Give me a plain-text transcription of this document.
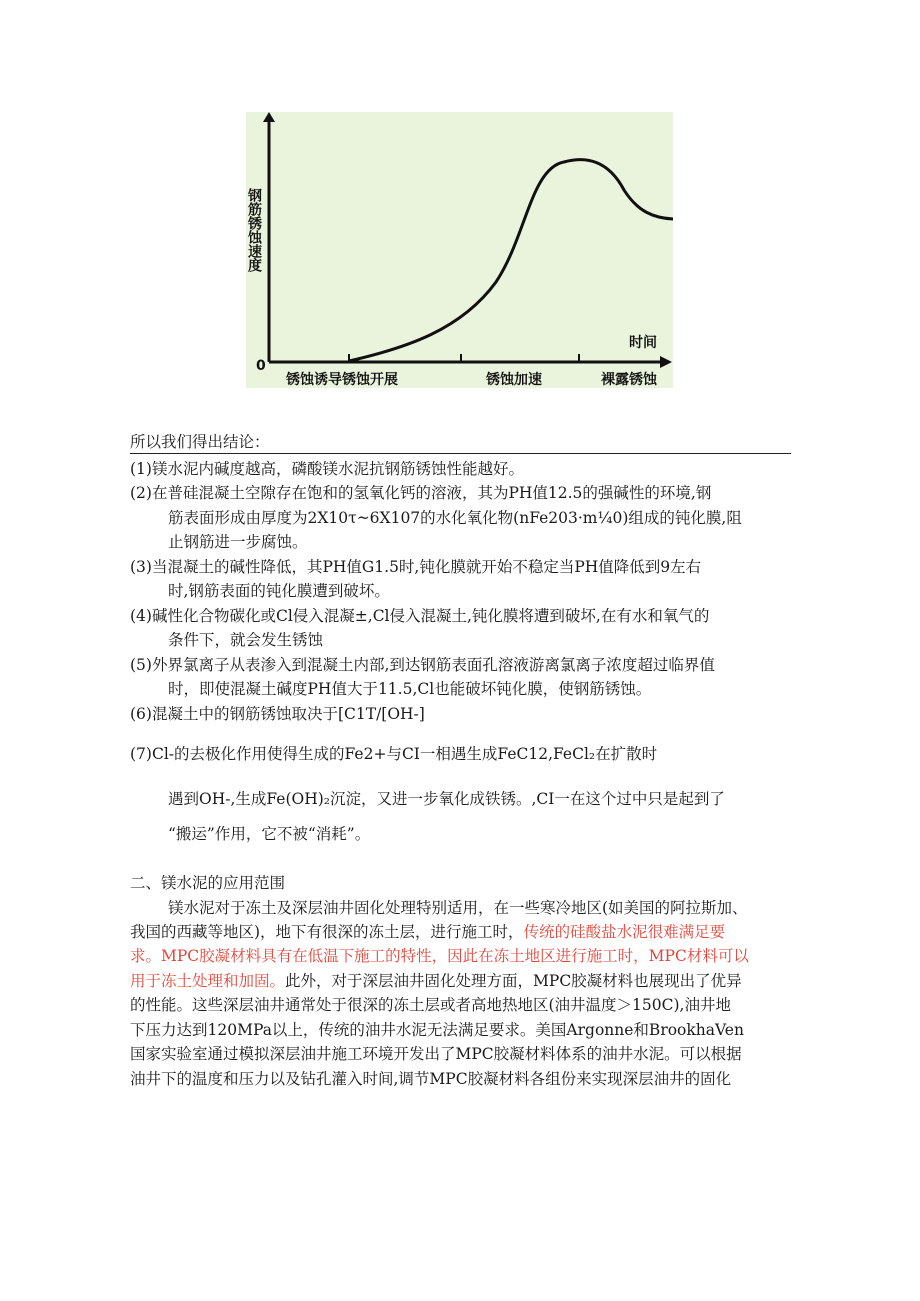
钢筋锈蚀速度
时间
0
锈蚀诱导锈蚀开展	锈蚀加速	裸露锈蚀
所以我们得出结论：
(1)镁水泥内碱度越高，磷酸镁水泥抗钢筋锈蚀性能越好。
(2)在普硅混凝土空隙存在饱和的氢氧化钙的溶液，其为PH值12.5的强碱性的环境,钢
筋表面形成由厚度为2X10τ~6X107的水化氧化物(nFe203·m¼0)组成的钝化膜,阻
止钢筋进一步腐蚀。
(3)当混凝土的碱性降低，其PH值G1.5时,钝化膜就开始不稳定当PH值降低到9左右
时,钢筋表面的钝化膜遭到破坏。
(4)碱性化合物碳化或Cl侵入混凝±,Cl侵入混凝土,钝化膜将遭到破坏,在有水和氧气的
条件下，就会发生锈蚀
(5)外界氯离子从表渗入到混凝土内部,到达钢筋表面孔溶液游离氯离子浓度超过临界值
时，即使混凝土碱度PH值大于11.5,Cl也能破坏钝化膜，使钢筋锈蚀。
(6)混凝土中的钢筋锈蚀取决于[C1T/[OH-]
(7)Cl-的去极化作用使得生成的Fe2+与CI一相遇生成FeC12,FeCl₂在扩散时
遇到OH-,生成Fe(OH)₂沉淀，又进一步氧化成铁锈。,CI一在这个过中只是起到了
“搬运”作用，它不被“消耗”。
二、镁水泥的应用范围
镁水泥对于冻土及深层油井固化处理特别适用，在一些寒冷地区(如美国的阿拉斯加、
我国的西藏等地区)，地下有很深的冻土层，进行施工时，传统的硅酸盐水泥很难满足要
求。MPC胶凝材料具有在低温下施工的特性，因此在冻土地区进行施工时，MPC材料可以
用于冻土处理和加固。此外，对于深层油井固化处理方面，MPC胶凝材料也展现出了优异
的性能。这些深层油井通常处于很深的冻土层或者高地热地区(油井温度＞150C),油井地
下压力达到120MPa以上，传统的油井水泥无法满足要求。美国Argonne和BrookhaVen
国家实验室通过模拟深层油井施工环境开发出了MPC胶凝材料体系的油井水泥。可以根据
油井下的温度和压力以及钻孔灌入时间,调节MPC胶凝材料各组份来实现深层油井的固化
